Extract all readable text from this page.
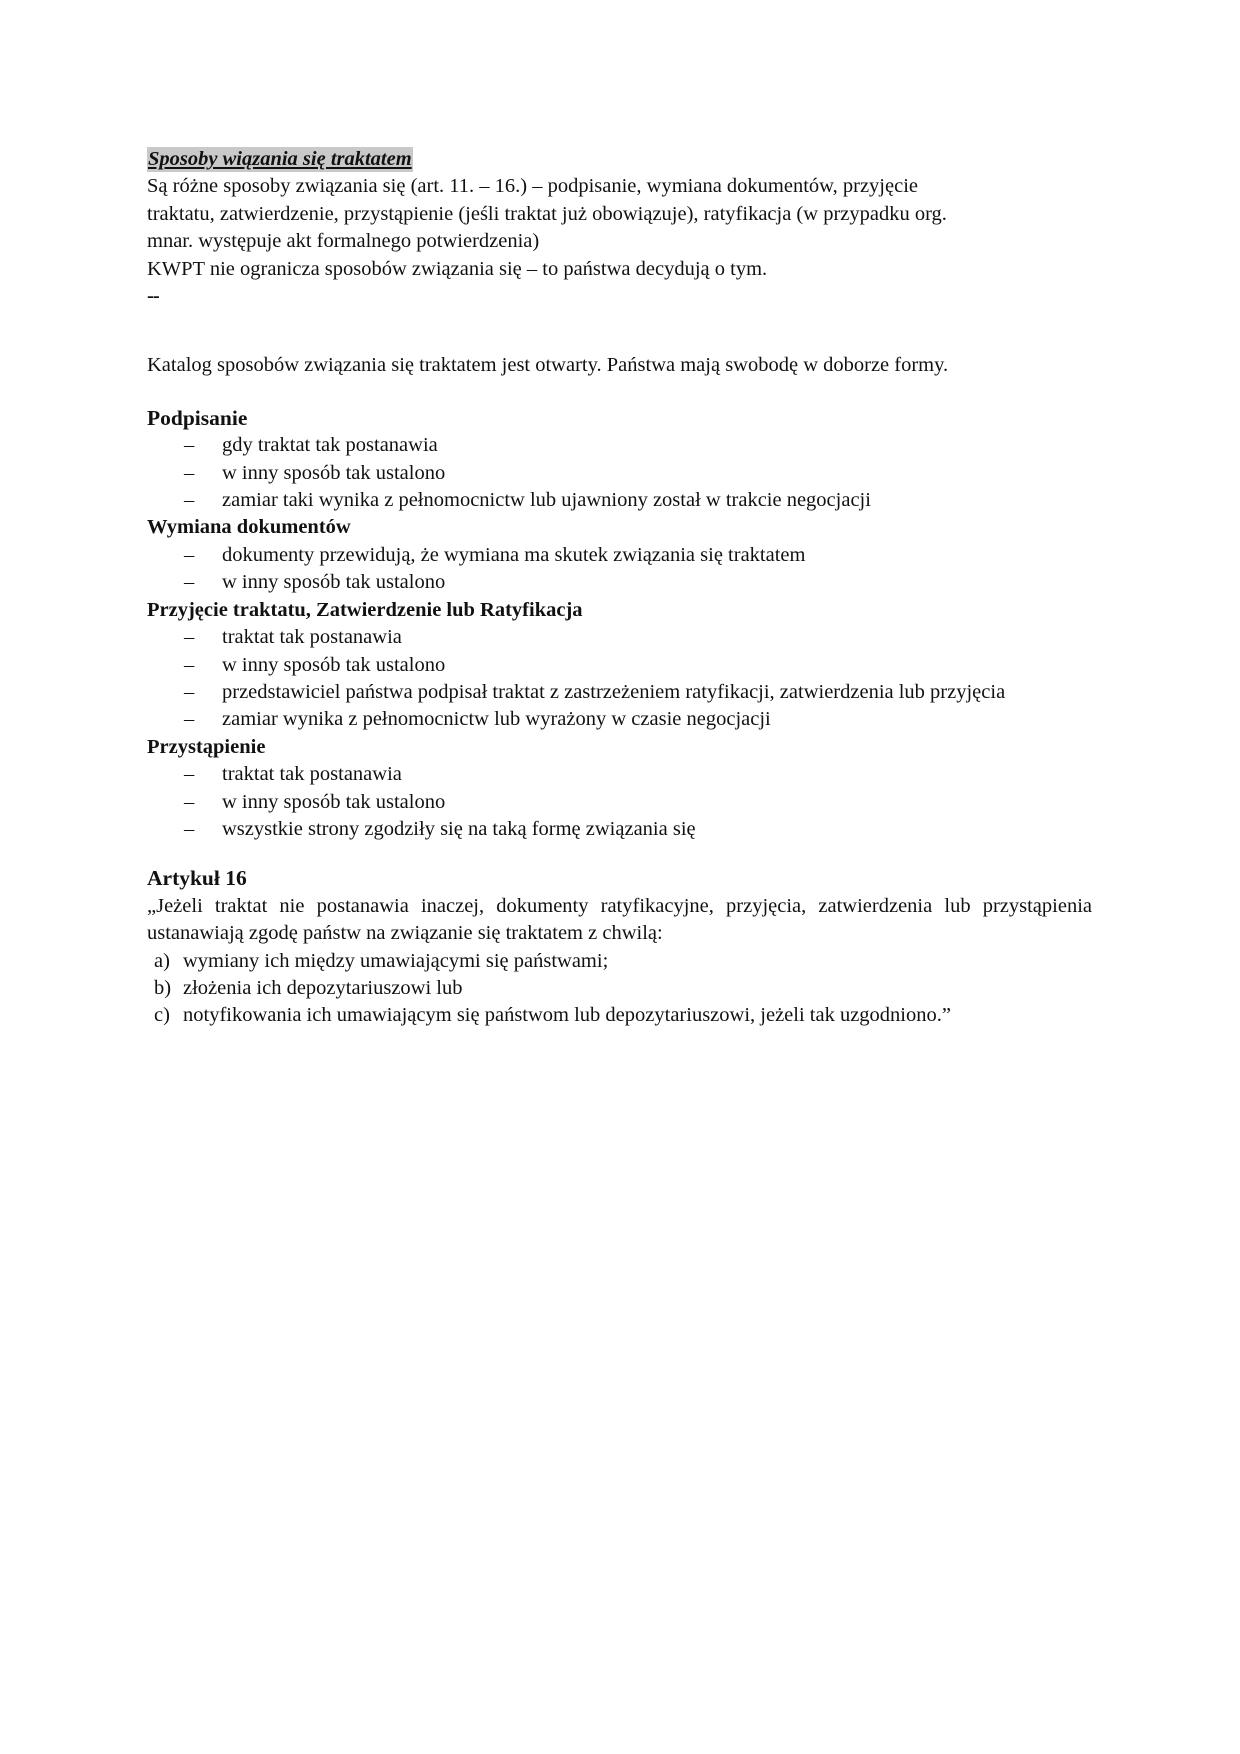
Sposoby wiązania się traktatem

Są różne sposoby związania się (art. 11. – 16.) – podpisanie, wymiana dokumentów, przyjęcie traktatu, zatwierdzenie, przystąpienie (jeśli traktat już obowiązuje), ratyfikacja (w przypadku org. mnar. występuje akt formalnego potwierdzenia)

KWPT nie ogranicza sposobów związania się – to państwa decydują o tym.

--

Katalog sposobów związania się traktatem jest otwarty. Państwa mają swobodę w doborze formy.

Podpisanie

– gdy traktat tak postanawia
– w inny sposób tak ustalono
– zamiar taki wynika z pełnomocnictw lub ujawniony został w trakcie negocjacji

Wymiana dokumentów

– dokumenty przewidują, że wymiana ma skutek związania się traktatem
– w inny sposób tak ustalono

Przyjęcie traktatu, Zatwierdzenie lub Ratyfikacja

– traktat tak postanawia
– w inny sposób tak ustalono
– przedstawiciel państwa podpisał traktat z zastrzeżeniem ratyfikacji, zatwierdzenia lub przyjęcia
– zamiar wynika z pełnomocnictw lub wyrażony w czasie negocjacji

Przystąpienie

– traktat tak postanawia
– w inny sposób tak ustalono
– wszystkie strony zgodziły się na taką formę związania się

Artykuł 16

„Jeżeli traktat nie postanawia inaczej, dokumenty ratyfikacyjne, przyjęcia, zatwierdzenia lub przystąpienia ustanawiają zgodę państw na związanie się traktatem z chwilą:

a) wymiany ich między umawiającymi się państwami;
b) złożenia ich depozytariuszowi lub
c) notyfikowania ich umawiającym się państwom lub depozytariuszowi, jeżeli tak uzgodniono.”
